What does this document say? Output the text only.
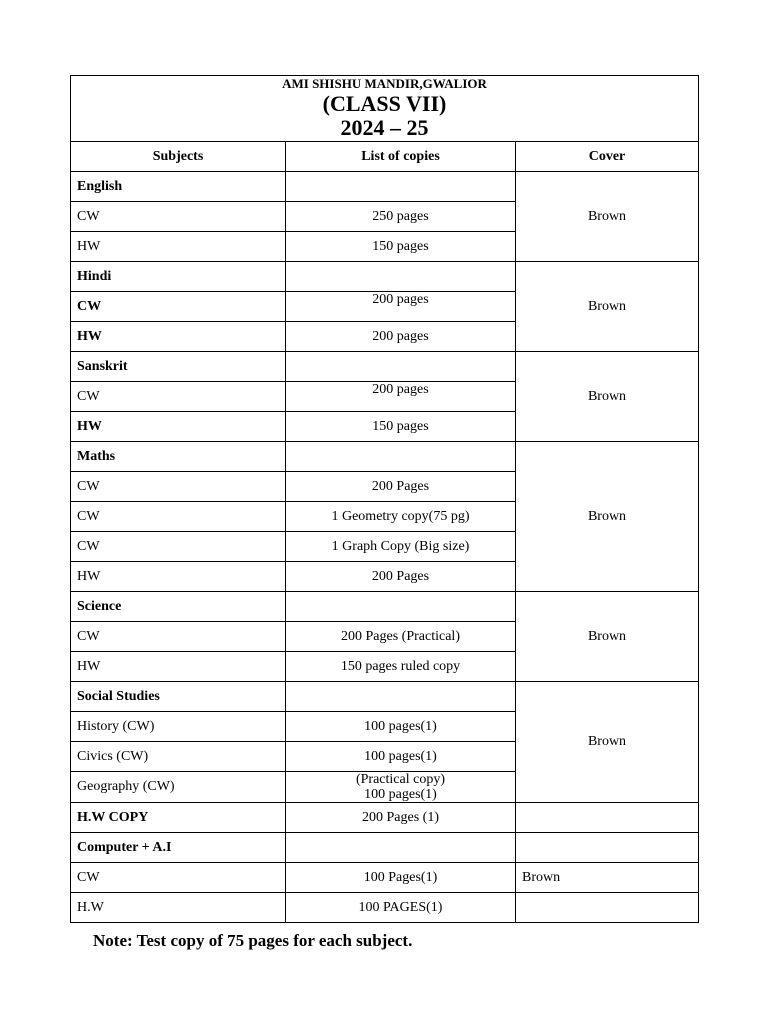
AMI SHISHU MANDIR,GWALIOR
(CLASS VII)
2024 – 25		

Subjects	List of copies	Cover
English		Brown
CW	250 pages	
HW	150 pages	
Hindi		Brown
CW	200 pages	
HW	200 pages	
Sanskrit		Brown
CW	200 pages	
HW	150 pages	
Maths		Brown
CW	200 Pages	
CW	1 Geometry copy(75 pg)	
CW	1 Graph Copy (Big size)	
HW	200 Pages	
Science		Brown
CW	200 Pages (Practical)	
HW	150 pages ruled copy	
Social Studies		Brown
History (CW)	100 pages(1)	
Civics (CW)	100 pages(1)	
Geography (CW)	(Practical copy)
100 pages(1)	

H.W COPY	200 Pages (1)	
Computer + A.I		
CW	100 Pages(1)	Brown
H.W	100 PAGES(1)	
Note: Test copy of 75 pages for each subject.
